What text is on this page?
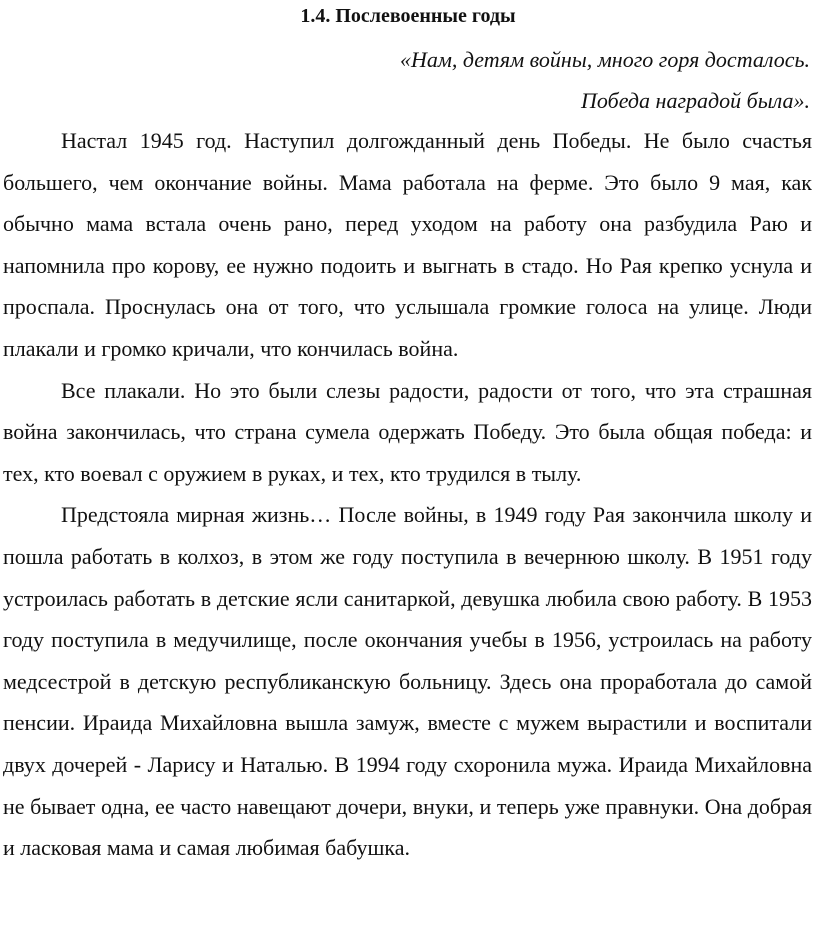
1.4. Послевоенные годы
«Нам, детям войны, много горя досталось.
Победа наградой была».

Настал 1945 год. Наступил долгожданный день Победы. Не было счастья большего, чем окончание войны. Мама работала на ферме. Это было 9 мая, как обычно мама встала очень рано, перед уходом на работу она разбудила Раю и напомнила про корову, ее нужно подоить и выгнать в стадо. Но Рая крепко уснула и проспала. Проснулась она от того, что услышала громкие голоса на улице. Люди плакали и громко кричали, что кончилась война.

Все плакали. Но это были слезы радости, радости от того, что эта страшная война закончилась, что страна сумела одержать Победу. Это была общая победа: и тех, кто воевал с оружием в руках, и тех, кто трудился в тылу.

Предстояла мирная жизнь… После войны, в 1949 году Рая закончила школу и пошла работать в колхоз, в этом же году поступила в вечернюю школу. В 1951 году устроилась работать в детские ясли санитаркой, девушка любила свою работу. В 1953 году поступила в медучилище, после окончания учебы в 1956, устроилась на работу медсестрой в детскую республиканскую больницу. Здесь она проработала до самой пенсии. Ираида Михайловна вышла замуж, вместе с мужем вырастили и воспитали двух дочерей - Ларису и Наталью. В 1994 году схоронила мужа. Ираида Михайловна не бывает одна, ее часто навещают дочери, внуки, и теперь уже правнуки. Она добрая и ласковая мама и самая любимая бабушка.
